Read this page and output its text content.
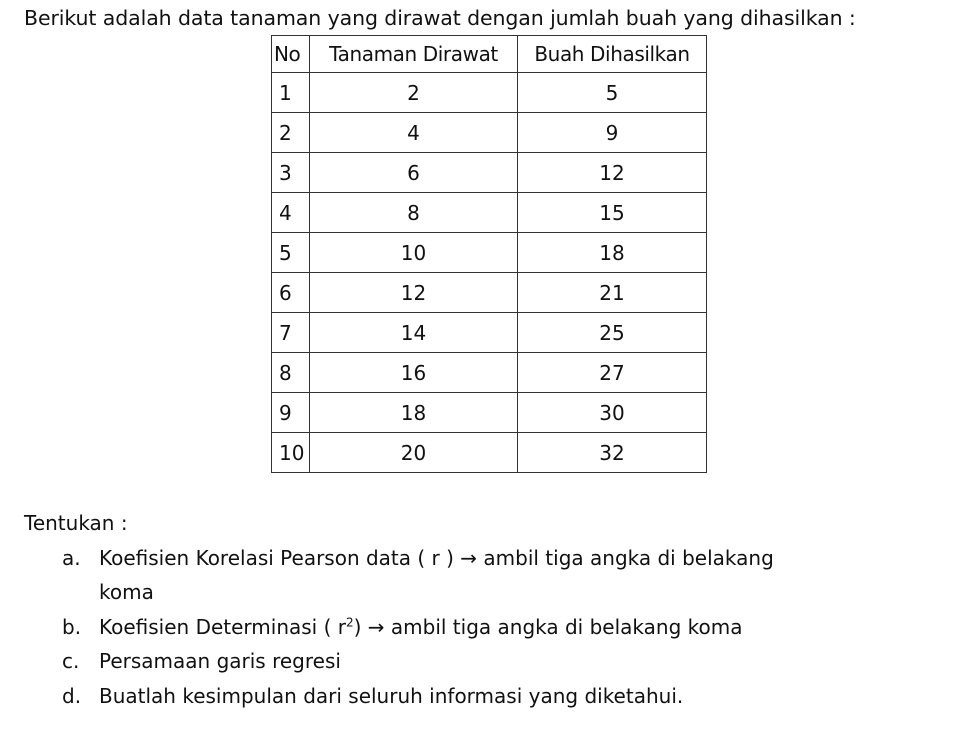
Berikut adalah data tanaman yang dirawat dengan jumlah buah yang dihasilkan :

No	Tanaman Dirawat	Buah Dihasilkan
1	2	5
2	4	9
3	6	12
4	8	15
5	10	18
6	12	21
7	14	25
8	16	27
9	18	30
10	20	32

Tentukan :

a. Koefisien Korelasi Pearson data ( r ) → ambil tiga angka di belakang
koma
b. Koefisien Determinasi ( $r^2$) → ambil tiga angka di belakang koma
c. Persamaan garis regresi
d. Buatlah kesimpulan dari seluruh informasi yang diketahui.
